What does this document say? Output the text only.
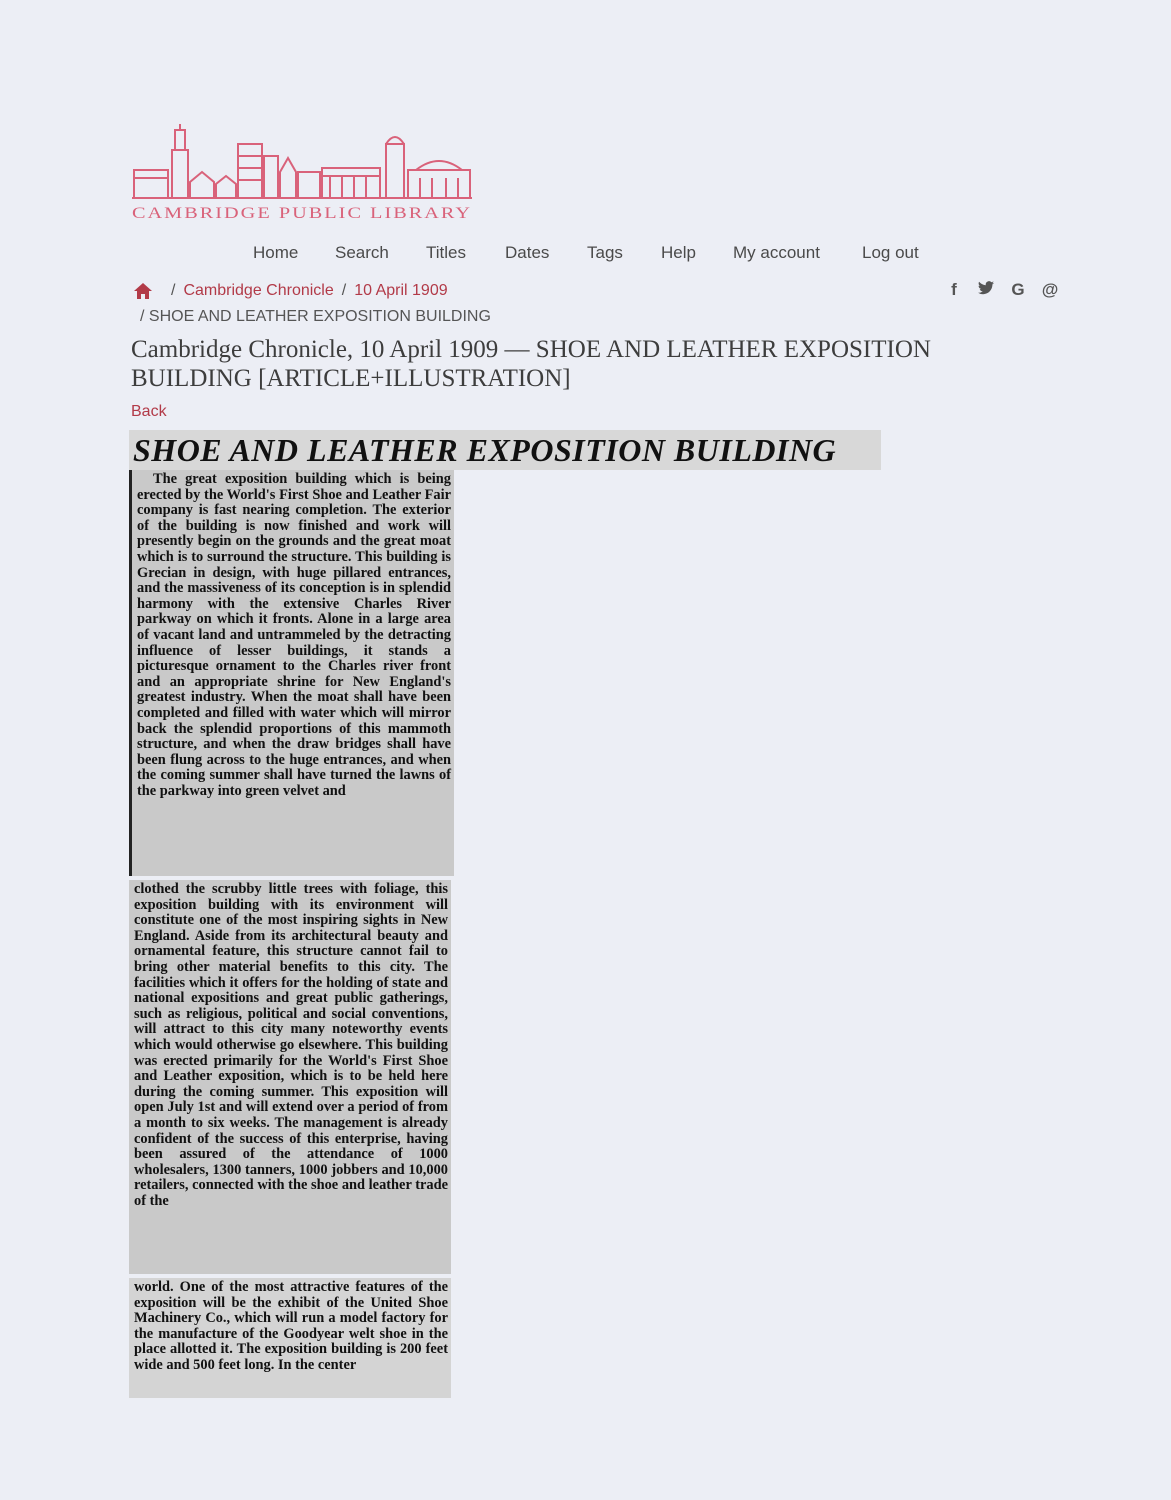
CAMBRIDGE PUBLIC LIBRARY
Home Search Titles Dates Tags Help My account Log out
/ Cambridge Chronicle / 10 April 1909
/ SHOE AND LEATHER EXPOSITION BUILDING
f	G @
Cambridge Chronicle, 10 April 1909 — SHOE AND LEATHER EXPOSITION BUILDING [ARTICLE+ILLUSTRATION]
Back
SHOE AND LEATHER EXPOSITION BUILDING

The great exposition building which is being erected by the World's First Shoe and Leather Fair company is fast nearing completion. The exterior of the building is now finished and work will presently begin on the grounds and the great moat which is to surround the structure. This building is Grecian in design, with huge pillared entrances, and the massiveness of its conception is in splendid harmony with the extensive Charles River parkway on which it fronts. Alone in a large area of vacant land and untrammeled by the detracting influence of lesser buildings, it stands a picturesque ornament to the Charles river front and an appropriate shrine for New England's greatest industry. When the moat shall have been completed and filled with water which will mirror back the splendid proportions of this mammoth structure, and when the draw bridges shall have been flung across to the huge entrances, and when the coming summer shall have turned the lawns of the parkway into green velvet and

clothed the scrubby little trees with foliage, this exposition building with its environment will constitute one of the most inspiring sights in New England. Aside from its architectural beauty and ornamental feature, this structure cannot fail to bring other material benefits to this city. The facilities which it offers for the holding of state and national expositions and great public gatherings, such as religious, political and social conventions, will attract to this city many noteworthy events which would otherwise go elsewhere. This building was erected primarily for the World's First Shoe and Leather exposition, which is to be held here during the coming summer. This exposition will open July 1st and will extend over a period of from a month to six weeks. The management is already confident of the success of this enterprise, having been assured of the attendance of 1000 wholesalers, 1300 tanners, 1000 jobbers and 10,000 retailers, connected with the shoe and leather trade of the

world. One of the most attractive features of the exposition will be the exhibit of the United Shoe Machinery Co., which will run a model factory for the manufacture of the Goodyear welt shoe in the place allotted it. The exposition building is 200 feet wide and 500 feet long. In the center
